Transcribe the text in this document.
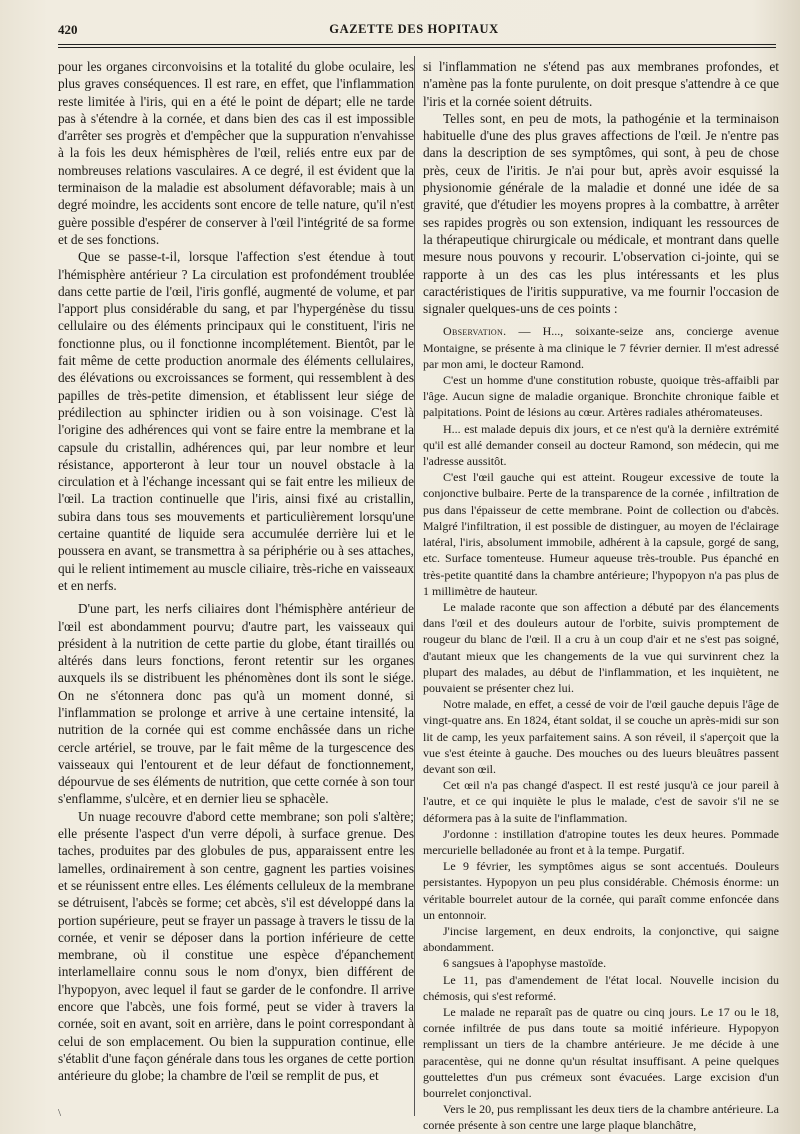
420	GAZETTE DES HOPITAUX

pour les organes circonvoisins et la totalité du globe oculaire, les plus graves conséquences. Il est rare, en effet, que l'inflammation reste limitée à l'iris, qui en a été le point de départ; elle ne tarde pas à s'étendre à la cornée, et dans bien des cas il est impossible d'arrêter ses progrès et d'empêcher que la suppuration n'envahisse à la fois les deux hémisphères de l'œil, reliés entre eux par de nombreuses relations vasculaires. A ce degré, il est évident que la terminaison de la maladie est absolument défavorable; mais à un degré moindre, les accidents sont encore de telle nature, qu'il n'est guère possible d'espérer de conserver à l'œil l'intégrité de sa forme et de ses fonctions.

Que se passe-t-il, lorsque l'affection s'est étendue à tout l'hémisphère antérieur ? La circulation est profondément troublée dans cette partie de l'œil, l'iris gonflé, augmenté de volume, et par l'apport plus considérable du sang, et par l'hypergénèse du tissu cellulaire ou des éléments principaux qui le constituent, l'iris ne fonctionne plus, ou il fonctionne incomplétement. Bientôt, par le fait même de cette production anormale des éléments cellulaires, des élévations ou excroissances se forment, qui ressemblent à des papilles de très-petite dimension, et établissent leur siége de prédilection au sphincter iridien ou à son voisinage. C'est là l'origine des adhérences qui vont se faire entre la membrane et la capsule du cristallin, adhérences qui, par leur nombre et leur résistance, apporteront à leur tour un nouvel obstacle à la circulation et à l'échange incessant qui se fait entre les milieux de l'œil. La traction continuelle que l'iris, ainsi fixé au cristallin, subira dans tous ses mouvements et particulièrement lorsqu'une certaine quantité de liquide sera accumulée derrière lui et le poussera en avant, se transmettra à sa périphérie ou à ses attaches, qui le relient intimement au muscle ciliaire, très-riche en vaisseaux et en nerfs.

D'une part, les nerfs ciliaires dont l'hémisphère antérieur de l'œil est abondamment pourvu; d'autre part, les vaisseaux qui président à la nutrition de cette partie du globe, étant tiraillés ou altérés dans leurs fonctions, feront retentir sur les organes auxquels ils se distribuent les phénomènes dont ils sont le siége. On ne s'étonnera donc pas qu'à un moment donné, si l'inflammation se prolonge et arrive à une certaine intensité, la nutrition de la cornée qui est comme enchâssée dans un riche cercle artériel, se trouve, par le fait même de la turgescence des vaisseaux qui l'entourent et de leur défaut de fonctionnement, dépourvue de ses éléments de nutrition, que cette cornée à son tour s'enflamme, s'ulcère, et en dernier lieu se sphacèle.

Un nuage recouvre d'abord cette membrane; son poli s'altère; elle présente l'aspect d'un verre dépoli, à surface grenue. Des taches, produites par des globules de pus, apparaissent entre les lamelles, ordinairement à son centre, gagnent les parties voisines et se réunissent entre elles. Les éléments celluleux de la membrane se détruisent, l'abcès se forme; cet abcès, s'il est développé dans la portion supérieure, peut se frayer un passage à travers le tissu de la cornée, et venir se déposer dans la portion inférieure de cette membrane, où il constitue une espèce d'épanchement interlamellaire connu sous le nom d'onyx, bien différent de l'hypopyon, avec lequel il faut se garder de le confondre. Il arrive encore que l'abcès, une fois formé, peut se vider à travers la cornée, soit en avant, soit en arrière, dans le point correspondant à celui de son emplacement. Ou bien la suppuration continue, elle s'établit d'une façon générale dans tous les organes de cette portion antérieure du globe; la chambre de l'œil se remplit de pus, et

si l'inflammation ne s'étend pas aux membranes profondes, et n'amène pas la fonte purulente, on doit presque s'attendre à ce que l'iris et la cornée soient détruits.

Telles sont, en peu de mots, la pathogénie et la terminaison habituelle d'une des plus graves affections de l'œil. Je n'entre pas dans la description de ses symptômes, qui sont, à peu de chose près, ceux de l'iritis. Je n'ai pour but, après avoir esquissé la physionomie générale de la maladie et donné une idée de sa gravité, que d'étudier les moyens propres à la combattre, à arrêter ses rapides progrès ou son extension, indiquant les ressources de la thérapeutique chirurgicale ou médicale, et montrant dans quelle mesure nous pouvons y recourir. L'observation ci-jointe, qui se rapporte à un des cas les plus intéressants et les plus caractéristiques de l'iritis suppurative, va me fournir l'occasion de signaler quelques-uns de ces points :

Observation. — H..., soixante-seize ans, concierge avenue Montaigne, se présente à ma clinique le 7 février dernier. Il m'est adressé par mon ami, le docteur Ramond.

C'est un homme d'une constitution robuste, quoique très-affaibli par l'âge. Aucun signe de maladie organique. Bronchite chronique faible et palpitations. Point de lésions au cœur. Artères radiales athéromateuses.

H... est malade depuis dix jours, et ce n'est qu'à la dernière extrémité qu'il est allé demander conseil au docteur Ramond, son médecin, qui me l'adresse aussitôt.

C'est l'œil gauche qui est atteint. Rougeur excessive de toute la conjonctive bulbaire. Perte de la transparence de la cornée , infiltration de pus dans l'épaisseur de cette membrane. Point de collection ou d'abcès. Malgré l'infiltration, il est possible de distinguer, au moyen de l'éclairage latéral, l'iris, absolument immobile, adhérent à la capsule, gorgé de sang, etc. Surface tomenteuse. Humeur aqueuse très-trouble. Pus épanché en très-petite quantité dans la chambre antérieure; l'hypopyon n'a pas plus de 1 millimètre de hauteur.

Le malade raconte que son affection a débuté par des élancements dans l'œil et des douleurs autour de l'orbite, suivis promptement de rougeur du blanc de l'œil. Il a cru à un coup d'air et ne s'est pas soigné, d'autant mieux que les changements de la vue qui survinrent chez la plupart des malades, au début de l'inflammation, et les inquiètent, ne pouvaient se présenter chez lui.

Notre malade, en effet, a cessé de voir de l'œil gauche depuis l'âge de vingt-quatre ans. En 1824, étant soldat, il se couche un après-midi sur son lit de camp, les yeux parfaitement sains. A son réveil, il s'aperçoit que la vue s'est éteinte à gauche. Des mouches ou des lueurs bleuâtres passent devant son œil.

Cet œil n'a pas changé d'aspect. Il est resté jusqu'à ce jour pareil à l'autre, et ce qui inquiète le plus le malade, c'est de savoir s'il ne se déformera pas à la suite de l'inflammation.

J'ordonne : instillation d'atropine toutes les deux heures. Pommade mercurielle belladonée au front et à la tempe. Purgatif.

Le 9 février, les symptômes aigus se sont accentués. Douleurs persistantes. Hypopyon un peu plus considérable. Chémosis énorme: un véritable bourrelet autour de la cornée, qui paraît comme enfoncée dans un entonnoir.

J'incise largement, en deux endroits, la conjonctive, qui saigne abondamment.

6 sangsues à l'apophyse mastoïde.

Le 11, pas d'amendement de l'état local. Nouvelle incision du chémosis, qui s'est reformé.

Le malade ne reparaît pas de quatre ou cinq jours. Le 17 ou le 18, cornée infiltrée de pus dans toute sa moitié inférieure. Hypopyon remplissant un tiers de la chambre antérieure. Je me décide à une paracentèse, qui ne donne qu'un résultat insuffisant. A peine quelques gouttelettes d'un pus crémeux sont évacuées. Large excision d'un bourrelet conjonctival.

Vers le 20, pus remplissant les deux tiers de la chambre antérieure. La cornée présente à son centre une large plaque blanchâtre,

\
